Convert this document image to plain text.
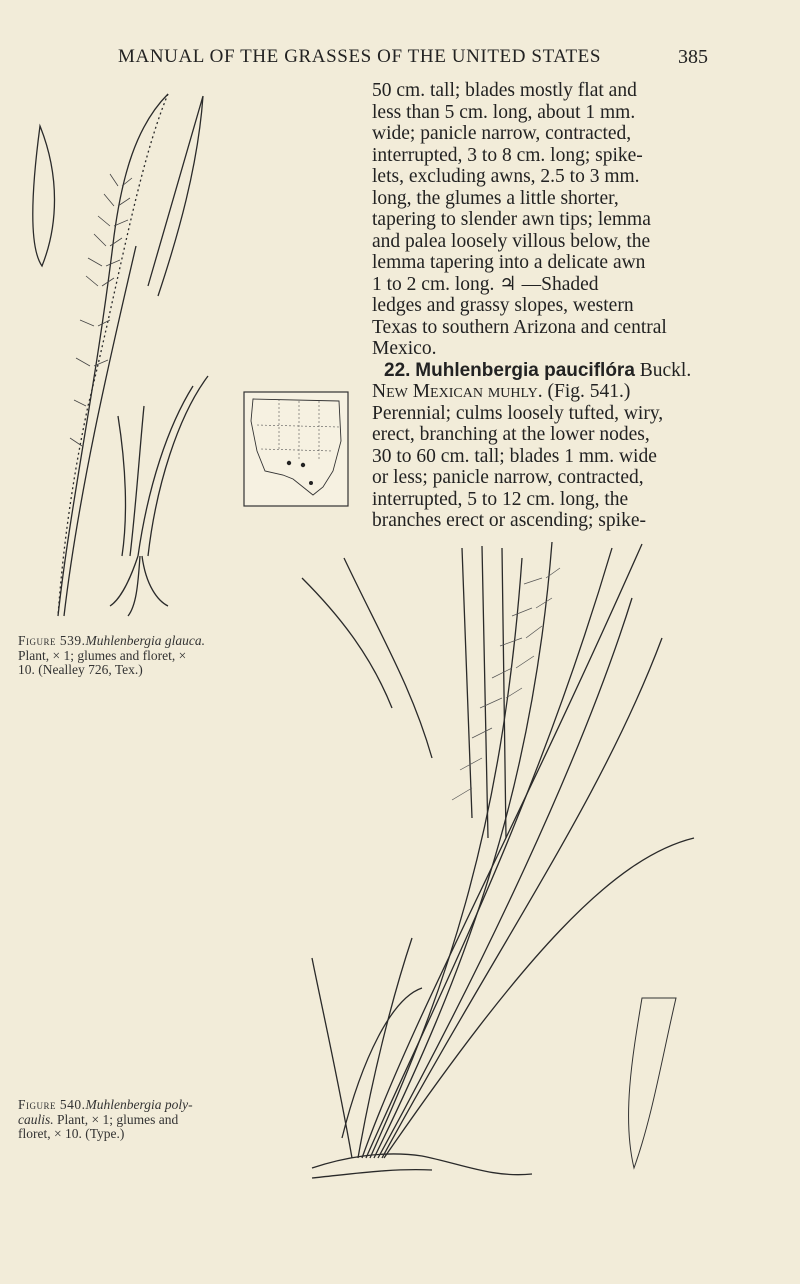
MANUAL OF THE GRASSES OF THE UNITED STATES	385

50 cm. tall; blades mostly flat and

less than 5 cm. long, about 1 mm.

wide; panicle narrow, contracted,

interrupted, 3 to 8 cm. long; spike-

lets, excluding awns, 2.5 to 3 mm.

long, the glumes a little shorter,

tapering to slender awn tips; lemma

and palea loosely villous below, the

lemma tapering into a delicate awn

1 to 2 cm. long. ♃ —Shaded

ledges and grassy slopes, western

Texas to southern Arizona and central

Mexico.

22. Muhlenbergia pauciflóra Buckl.

New Mexican muhly. (Fig. 541.)

Perennial; culms loosely tufted, wiry,

erect, branching at the lower nodes,

30 to 60 cm. tall; blades 1 mm. wide

or less; panicle narrow, contracted,

interrupted, 5 to 12 cm. long, the

branches erect or ascending; spike-

Figure 539.Muhlenbergia glauca.
Plant, × 1; glumes and floret, ×
10. (Nealley 726, Tex.)
Figure 540.Muhlenbergia poly-
caulis. Plant, × 1; glumes and
floret, × 10. (Type.)
